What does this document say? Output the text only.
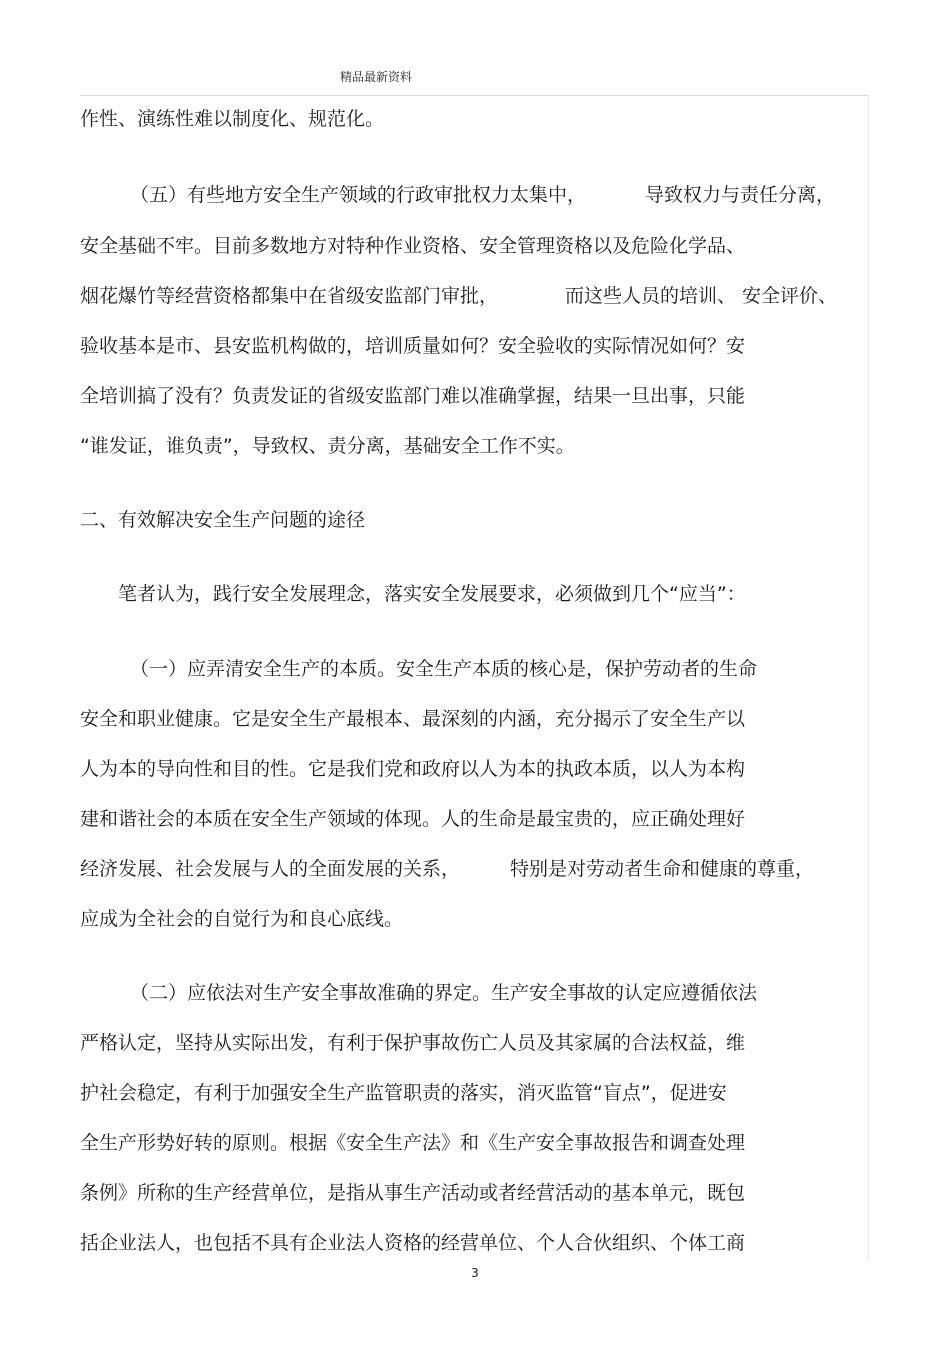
精品最新资料
作性、演练性难以制度化、规范化。
（五）有些地方安全生产领域的行政审批权力太集中，	导致权力与责任分离，
安全基础不牢。目前多数地方对特种作业资格、安全管理资格以及危险化学品、
烟花爆竹等经营资格都集中在省级安监部门审批，	而这些人员的培训、 安全评价、
验收基本是市、县安监机构做的，培训质量如何？安全验收的实际情况如何？安
全培训搞了没有？负责发证的省级安监部门难以准确掌握，结果一旦出事，只能
“谁发证，谁负责”，导致权、责分离，基础安全工作不实。
二、有效解决安全生产问题的途径
笔者认为，践行安全发展理念，落实安全发展要求，必须做到几个“应当”：
（一）应弄清安全生产的本质。安全生产本质的核心是，保护劳动者的生命
安全和职业健康。它是安全生产最根本、最深刻的内涵，充分揭示了安全生产以
人为本的导向性和目的性。它是我们党和政府以人为本的执政本质，以人为本构
建和谐社会的本质在安全生产领域的体现。人的生命是最宝贵的，应正确处理好
经济发展、社会发展与人的全面发展的关系，	特别是对劳动者生命和健康的尊重，
应成为全社会的自觉行为和良心底线。
（二）应依法对生产安全事故准确的界定。生产安全事故的认定应遵循依法
严格认定，坚持从实际出发，有利于保护事故伤亡人员及其家属的合法权益，维
护社会稳定，有利于加强安全生产监管职责的落实，消灭监管“盲点”，促进安
全生产形势好转的原则。根据《安全生产法》和《生产安全事故报告和调查处理
条例》所称的生产经营单位，是指从事生产活动或者经营活动的基本单元，既包
括企业法人，也包括不具有企业法人资格的经营单位、个人合伙组织、个体工商
3
